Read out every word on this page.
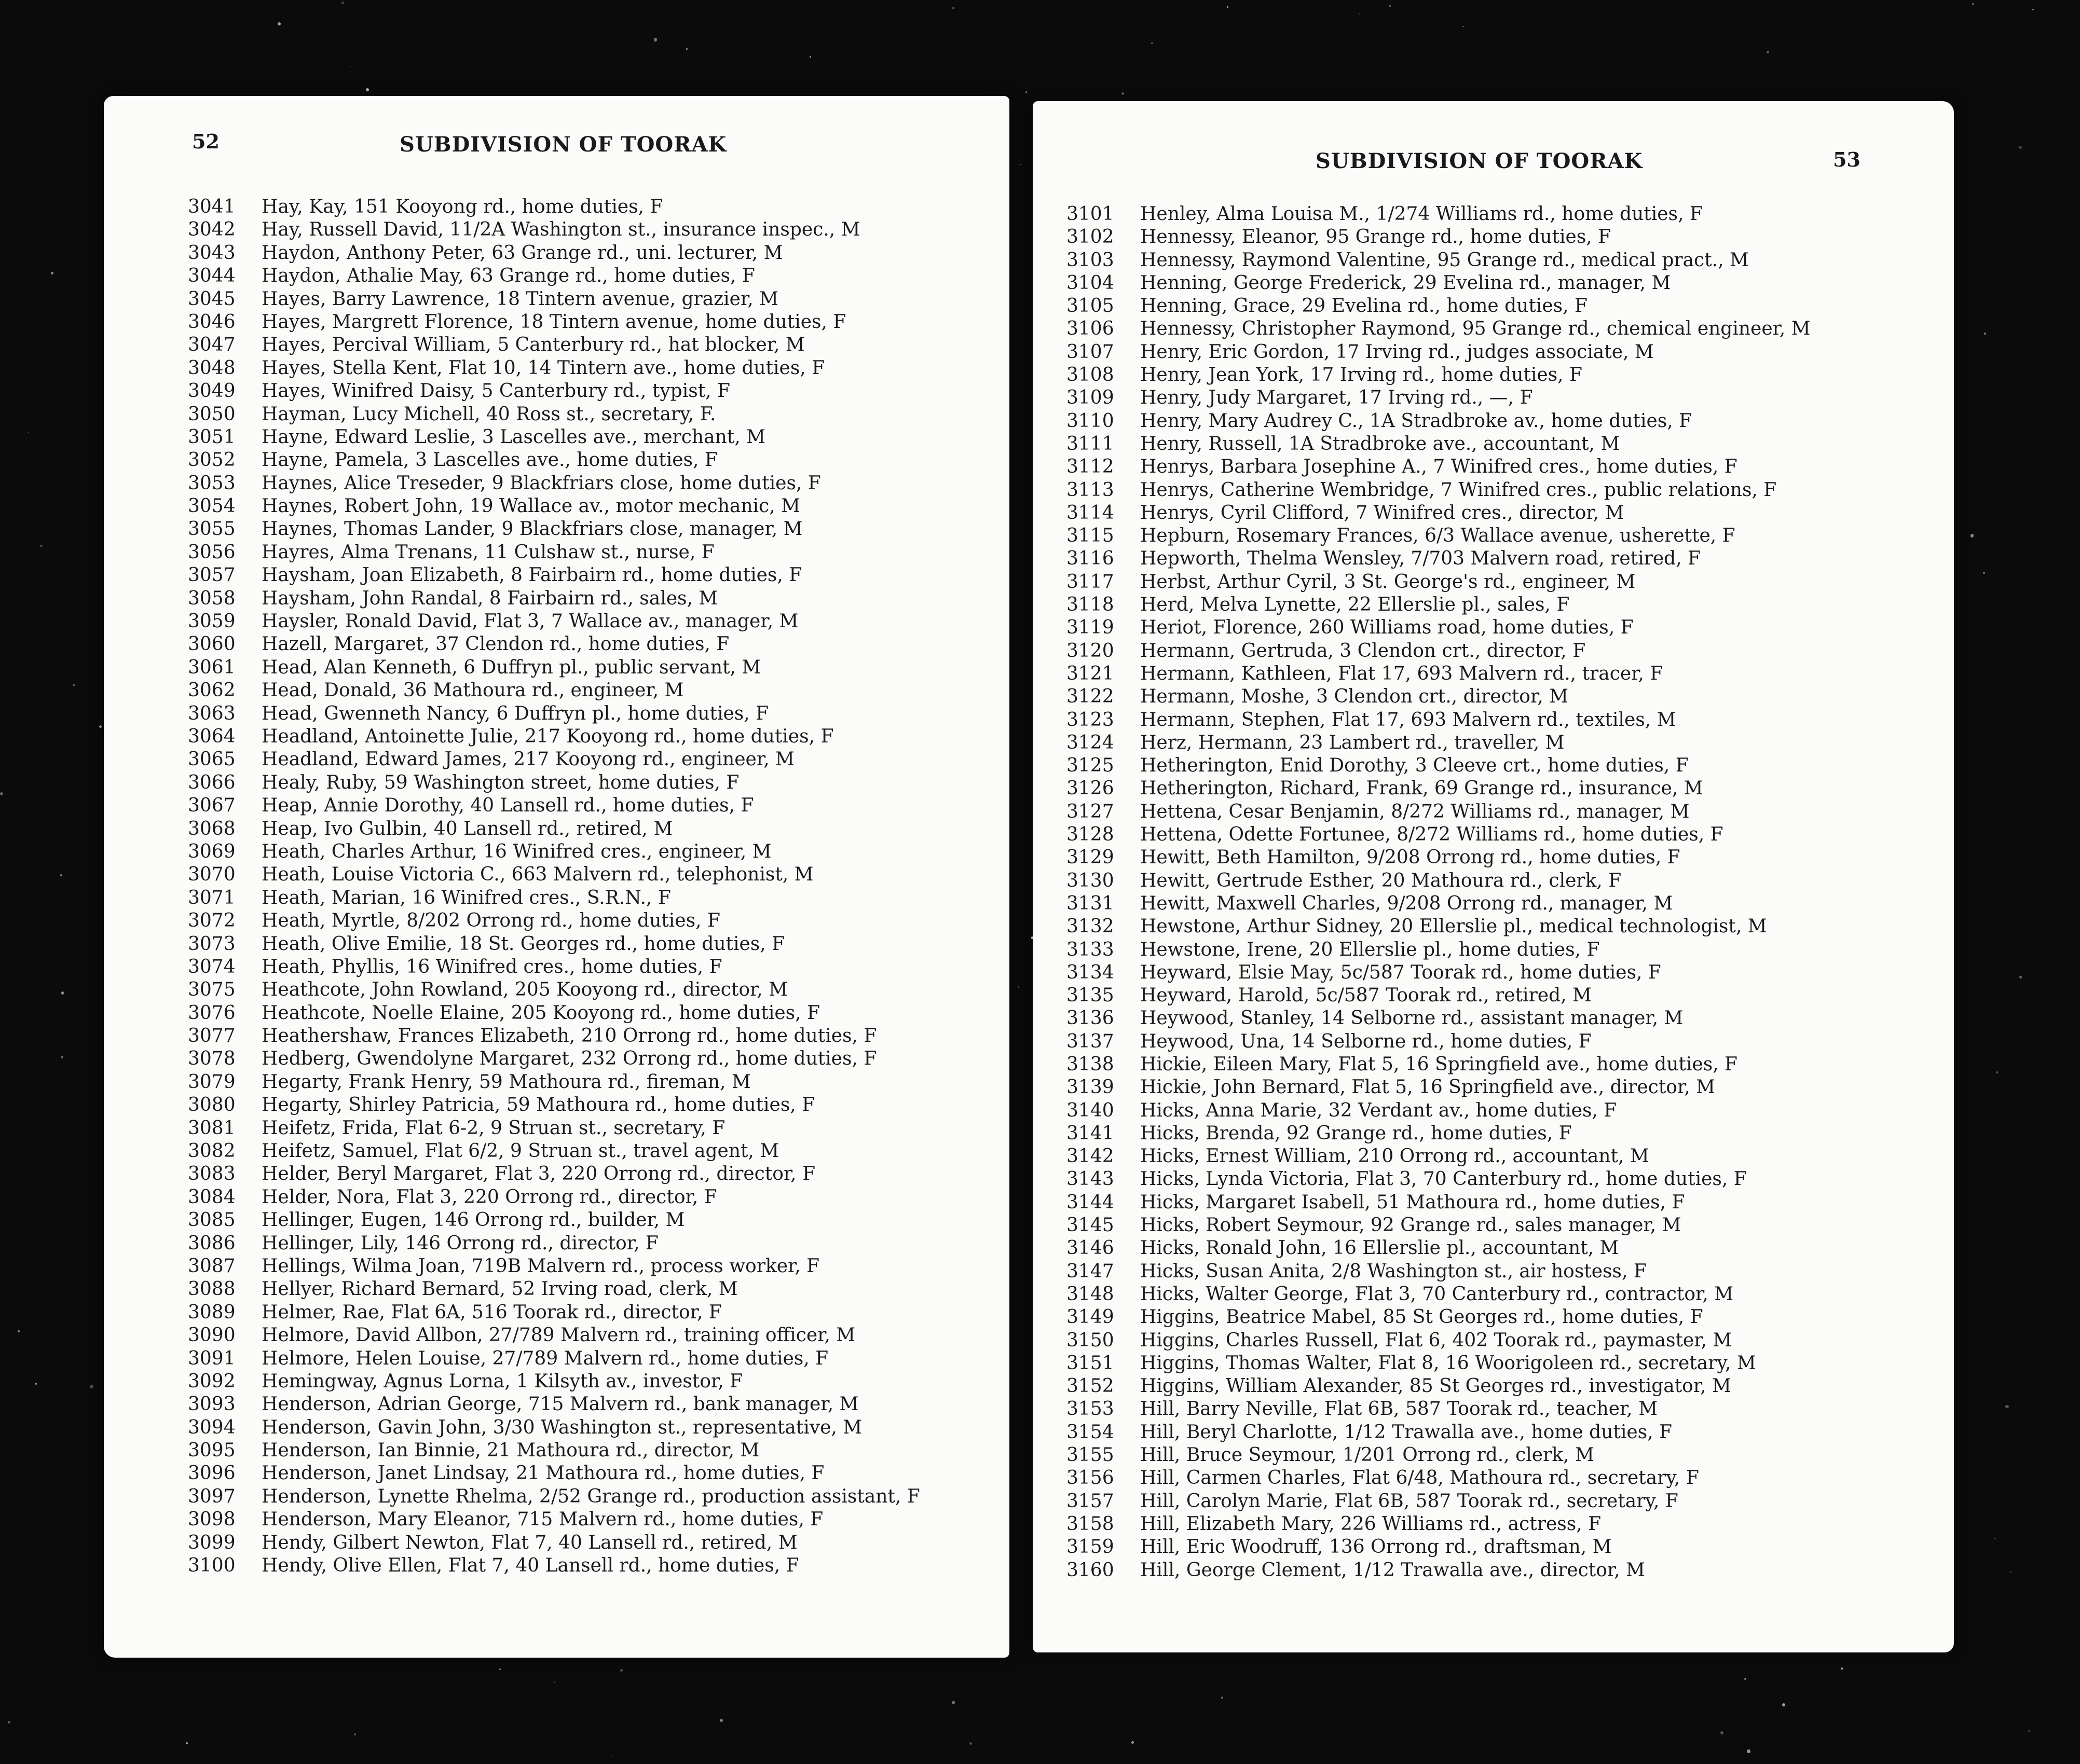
52	SUBDIVISION OF TOORAK
3041 Hay, Kay, 151 Kooyong rd., home duties, F
3042 Hay, Russell David, 11/2A Washington st., insurance inspec., M
3043 Haydon, Anthony Peter, 63 Grange rd., uni. lecturer, M
3044 Haydon, Athalie May, 63 Grange rd., home duties, F
3045 Hayes, Barry Lawrence, 18 Tintern avenue, grazier, M
3046 Hayes, Margrett Florence, 18 Tintern avenue, home duties, F
3047 Hayes, Percival William, 5 Canterbury rd., hat blocker, M
3048 Hayes, Stella Kent, Flat 10, 14 Tintern ave., home duties, F
3049 Hayes, Winifred Daisy, 5 Canterbury rd., typist, F
3050 Hayman, Lucy Michell, 40 Ross st., secretary, F.
3051 Hayne, Edward Leslie, 3 Lascelles ave., merchant, M
3052 Hayne, Pamela, 3 Lascelles ave., home duties, F
3053 Haynes, Alice Treseder, 9 Blackfriars close, home duties, F
3054 Haynes, Robert John, 19 Wallace av., motor mechanic, M
3055 Haynes, Thomas Lander, 9 Blackfriars close, manager, M
3056 Hayres, Alma Trenans, 11 Culshaw st., nurse, F
3057 Haysham, Joan Elizabeth, 8 Fairbairn rd., home duties, F
3058 Haysham, John Randal, 8 Fairbairn rd., sales, M
3059 Haysler, Ronald David, Flat 3, 7 Wallace av., manager, M
3060 Hazell, Margaret, 37 Clendon rd., home duties, F
3061 Head, Alan Kenneth, 6 Duffryn pl., public servant, M
3062 Head, Donald, 36 Mathoura rd., engineer, M
3063 Head, Gwenneth Nancy, 6 Duffryn pl., home duties, F
3064 Headland, Antoinette Julie, 217 Kooyong rd., home duties, F
3065 Headland, Edward James, 217 Kooyong rd., engineer, M
3066 Healy, Ruby, 59 Washington street, home duties, F
3067 Heap, Annie Dorothy, 40 Lansell rd., home duties, F
3068 Heap, Ivo Gulbin, 40 Lansell rd., retired, M
3069 Heath, Charles Arthur, 16 Winifred cres., engineer, M
3070 Heath, Louise Victoria C., 663 Malvern rd., telephonist, M
3071 Heath, Marian, 16 Winifred cres., S.R.N., F
3072 Heath, Myrtle, 8/202 Orrong rd., home duties, F
3073 Heath, Olive Emilie, 18 St. Georges rd., home duties, F
3074 Heath, Phyllis, 16 Winifred cres., home duties, F
3075 Heathcote, John Rowland, 205 Kooyong rd., director, M
3076 Heathcote, Noelle Elaine, 205 Kooyong rd., home duties, F
3077 Heathershaw, Frances Elizabeth, 210 Orrong rd., home duties, F
3078 Hedberg, Gwendolyne Margaret, 232 Orrong rd., home duties, F
3079 Hegarty, Frank Henry, 59 Mathoura rd., fireman, M
3080 Hegarty, Shirley Patricia, 59 Mathoura rd., home duties, F
3081 Heifetz, Frida, Flat 6-2, 9 Struan st., secretary, F
3082 Heifetz, Samuel, Flat 6/2, 9 Struan st., travel agent, M
3083 Helder, Beryl Margaret, Flat 3, 220 Orrong rd., director, F
3084 Helder, Nora, Flat 3, 220 Orrong rd., director, F
3085 Hellinger, Eugen, 146 Orrong rd., builder, M
3086 Hellinger, Lily, 146 Orrong rd., director, F
3087 Hellings, Wilma Joan, 719B Malvern rd., process worker, F
3088 Hellyer, Richard Bernard, 52 Irving road, clerk, M
3089 Helmer, Rae, Flat 6A, 516 Toorak rd., director, F
3090 Helmore, David Allbon, 27/789 Malvern rd., training officer, M
3091 Helmore, Helen Louise, 27/789 Malvern rd., home duties, F
3092 Hemingway, Agnus Lorna, 1 Kilsyth av., investor, F
3093 Henderson, Adrian George, 715 Malvern rd., bank manager, M
3094 Henderson, Gavin John, 3/30 Washington st., representative, M
3095 Henderson, Ian Binnie, 21 Mathoura rd., director, M
3096 Henderson, Janet Lindsay, 21 Mathoura rd., home duties, F
3097 Henderson, Lynette Rhelma, 2/52 Grange rd., production assistant, F
3098 Henderson, Mary Eleanor, 715 Malvern rd., home duties, F
3099 Hendy, Gilbert Newton, Flat 7, 40 Lansell rd., retired, M
3100 Hendy, Olive Ellen, Flat 7, 40 Lansell rd., home duties, F
53
SUBDIVISION OF TOORAK
3101 Henley, Alma Louisa M., 1/274 Williams rd., home duties, F
3102 Hennessy, Eleanor, 95 Grange rd., home duties, F
3103 Hennessy, Raymond Valentine, 95 Grange rd., medical pract., M
3104 Henning, George Frederick, 29 Evelina rd., manager, M
3105 Henning, Grace, 29 Evelina rd., home duties, F
3106 Hennessy, Christopher Raymond, 95 Grange rd., chemical engineer, M
3107 Henry, Eric Gordon, 17 Irving rd., judges associate, M
3108 Henry, Jean York, 17 Irving rd., home duties, F
3109 Henry, Judy Margaret, 17 Irving rd., —, F
3110 Henry, Mary Audrey C., 1A Stradbroke av., home duties, F
3111 Henry, Russell, 1A Stradbroke ave., accountant, M
3112 Henrys, Barbara Josephine A., 7 Winifred cres., home duties, F
3113 Henrys, Catherine Wembridge, 7 Winifred cres., public relations, F
3114 Henrys, Cyril Clifford, 7 Winifred cres., director, M
3115 Hepburn, Rosemary Frances, 6/3 Wallace avenue, usherette, F
3116 Hepworth, Thelma Wensley, 7/703 Malvern road, retired, F
3117 Herbst, Arthur Cyril, 3 St. George's rd., engineer, M
3118 Herd, Melva Lynette, 22 Ellerslie pl., sales, F
3119 Heriot, Florence, 260 Williams road, home duties, F
3120 Hermann, Gertruda, 3 Clendon crt., director, F
3121 Hermann, Kathleen, Flat 17, 693 Malvern rd., tracer, F
3122 Hermann, Moshe, 3 Clendon crt., director, M
3123 Hermann, Stephen, Flat 17, 693 Malvern rd., textiles, M
3124 Herz, Hermann, 23 Lambert rd., traveller, M
3125 Hetherington, Enid Dorothy, 3 Cleeve crt., home duties, F
3126 Hetherington, Richard, Frank, 69 Grange rd., insurance, M
3127 Hettena, Cesar Benjamin, 8/272 Williams rd., manager, M
3128 Hettena, Odette Fortunee, 8/272 Williams rd., home duties, F
3129 Hewitt, Beth Hamilton, 9/208 Orrong rd., home duties, F
3130 Hewitt, Gertrude Esther, 20 Mathoura rd., clerk, F
3131 Hewitt, Maxwell Charles, 9/208 Orrong rd., manager, M
3132 Hewstone, Arthur Sidney, 20 Ellerslie pl., medical technologist, M
3133 Hewstone, Irene, 20 Ellerslie pl., home duties, F
3134 Heyward, Elsie May, 5c/587 Toorak rd., home duties, F
3135 Heyward, Harold, 5c/587 Toorak rd., retired, M
3136 Heywood, Stanley, 14 Selborne rd., assistant manager, M
3137 Heywood, Una, 14 Selborne rd., home duties, F
3138 Hickie, Eileen Mary, Flat 5, 16 Springfield ave., home duties, F
3139 Hickie, John Bernard, Flat 5, 16 Springfield ave., director, M
3140 Hicks, Anna Marie, 32 Verdant av., home duties, F
3141 Hicks, Brenda, 92 Grange rd., home duties, F
3142 Hicks, Ernest William, 210 Orrong rd., accountant, M
3143 Hicks, Lynda Victoria, Flat 3, 70 Canterbury rd., home duties, F
3144 Hicks, Margaret Isabell, 51 Mathoura rd., home duties, F
3145 Hicks, Robert Seymour, 92 Grange rd., sales manager, M
3146 Hicks, Ronald John, 16 Ellerslie pl., accountant, M
3147 Hicks, Susan Anita, 2/8 Washington st., air hostess, F
3148 Hicks, Walter George, Flat 3, 70 Canterbury rd., contractor, M
3149 Higgins, Beatrice Mabel, 85 St Georges rd., home duties, F
3150 Higgins, Charles Russell, Flat 6, 402 Toorak rd., paymaster, M
3151 Higgins, Thomas Walter, Flat 8, 16 Woorigoleen rd., secretary, M
3152 Higgins, William Alexander, 85 St Georges rd., investigator, M
3153 Hill, Barry Neville, Flat 6B, 587 Toorak rd., teacher, M
3154 Hill, Beryl Charlotte, 1/12 Trawalla ave., home duties, F
3155 Hill, Bruce Seymour, 1/201 Orrong rd., clerk, M
3156 Hill, Carmen Charles, Flat 6/48, Mathoura rd., secretary, F
3157 Hill, Carolyn Marie, Flat 6B, 587 Toorak rd., secretary, F
3158 Hill, Elizabeth Mary, 226 Williams rd., actress, F
3159 Hill, Eric Woodruff, 136 Orrong rd., draftsman, M
3160 Hill, George Clement, 1/12 Trawalla ave., director, M
